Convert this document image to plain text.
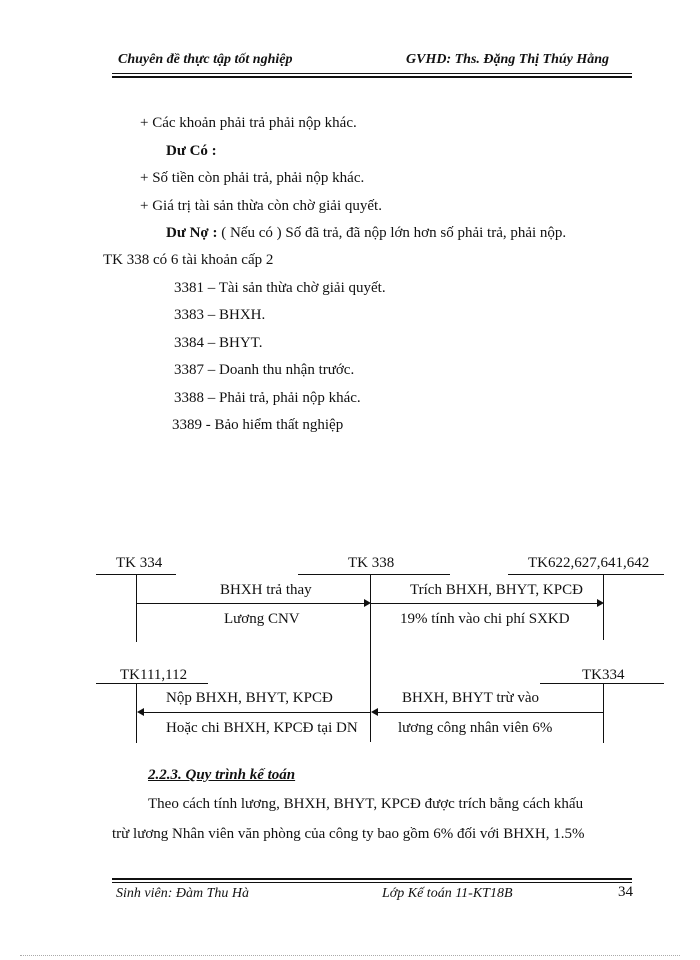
Chuyên đề thực tập tốt nghiệp	GVHD: Ths. Đặng Thị Thúy Hằng
+ Các khoản phải trả phải nộp khác.
Dư Có :
+ Số tiền còn phải trả, phải nộp khác.
+ Giá trị tài sản thừa còn chờ giải quyết.
Dư Nợ : ( Nếu có ) Số đã trả, đã nộp lớn hơn số phải trả, phải nộp.
TK 338 có 6 tài khoản cấp 2
3381 – Tài sản thừa chờ giải quyết.
3383 – BHXH.
3384 – BHYT.
3387 – Doanh thu nhận trước.
3388 – Phải trả, phải nộp khác.
3389 - Bảo hiểm thất nghiệp
TK 334	TK 338	TK622,627,641,642
BHXH trả thay
Lương CNV
Trích BHXH, BHYT, KPCĐ
19% tính vào chi phí SXKD
TK111,112	TK334
Nộp BHXH, BHYT, KPCĐ
Hoặc chi BHXH, KPCĐ tại DN
BHXH, BHYT trừ vào
lương công nhân viên 6%
2.2.3. Quy trình kế toán
Theo cách tính lương, BHXH, BHYT, KPCĐ được trích bằng cách khấu
trừ lương Nhân viên văn phòng của công ty bao gồm 6% đối với BHXH, 1.5%
Sinh viên: Đàm Thu Hà	Lớp Kế toán 11-KT18B	34
